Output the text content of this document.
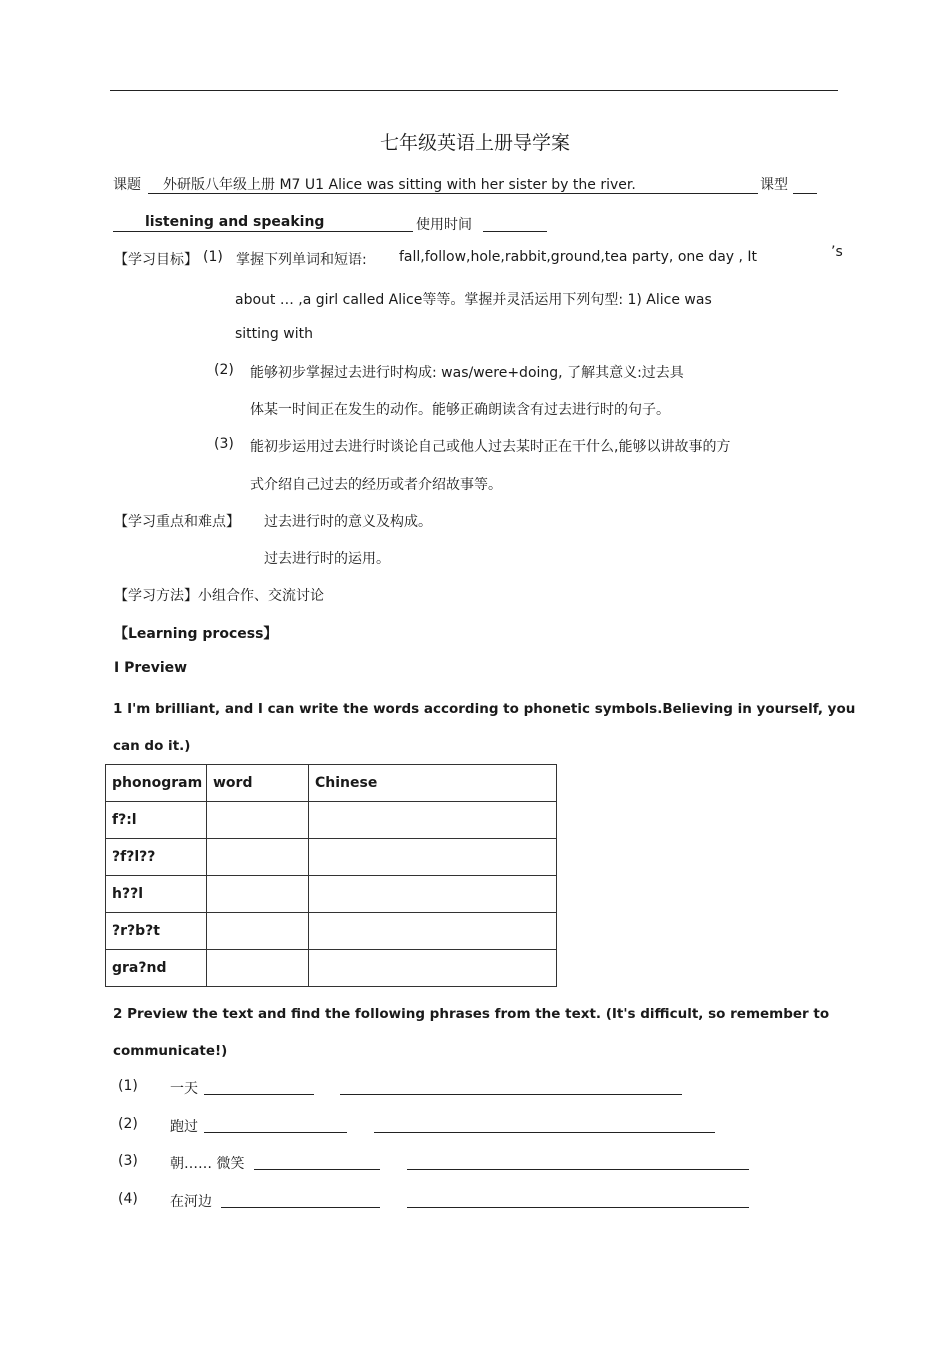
七年级英语上册导学案
课题 外研版八年级上册 M7 U1 Alice was sitting with her sister by the river.	课型
listening and speaking	使用时间
【学习目标】 (1) 掌握下列单词和短语: fall,follow,hole,rabbit,ground,tea party, one day , It	’s
about … ,a girl called Alice等等。掌握并灵活运用下列句型: 1) Alice was
sitting with
(2) 能够初步掌握过去进行时构成: was/were+doing, 了解其意义:过去具
体某一时间正在发生的动作。能够正确朗读含有过去进行时的句子。
(3) 能初步运用过去进行时谈论自己或他人过去某时正在干什么,能够以讲故事的方
式介绍自己过去的经历或者介绍故事等。
【学习重点和难点】 过去进行时的意义及构成。
过去进行时的运用。
【学习方法】小组合作、交流讨论
【Learning process】
Ⅰ Preview
1 I'm brilliant, and I can write the words according to phonetic symbols.Believing in yourself, you
can do it.)
phonogram	word	Chinese
f?:l		
?f?l??		
h??l		
?r?b?t		
gra?nd		
2 Preview the text and find the following phrases from the text. (It's difficult, so remember to
communicate!)
(1) 一天
(2) 跑过
(3) 朝…… 微笑
(4) 在河边
